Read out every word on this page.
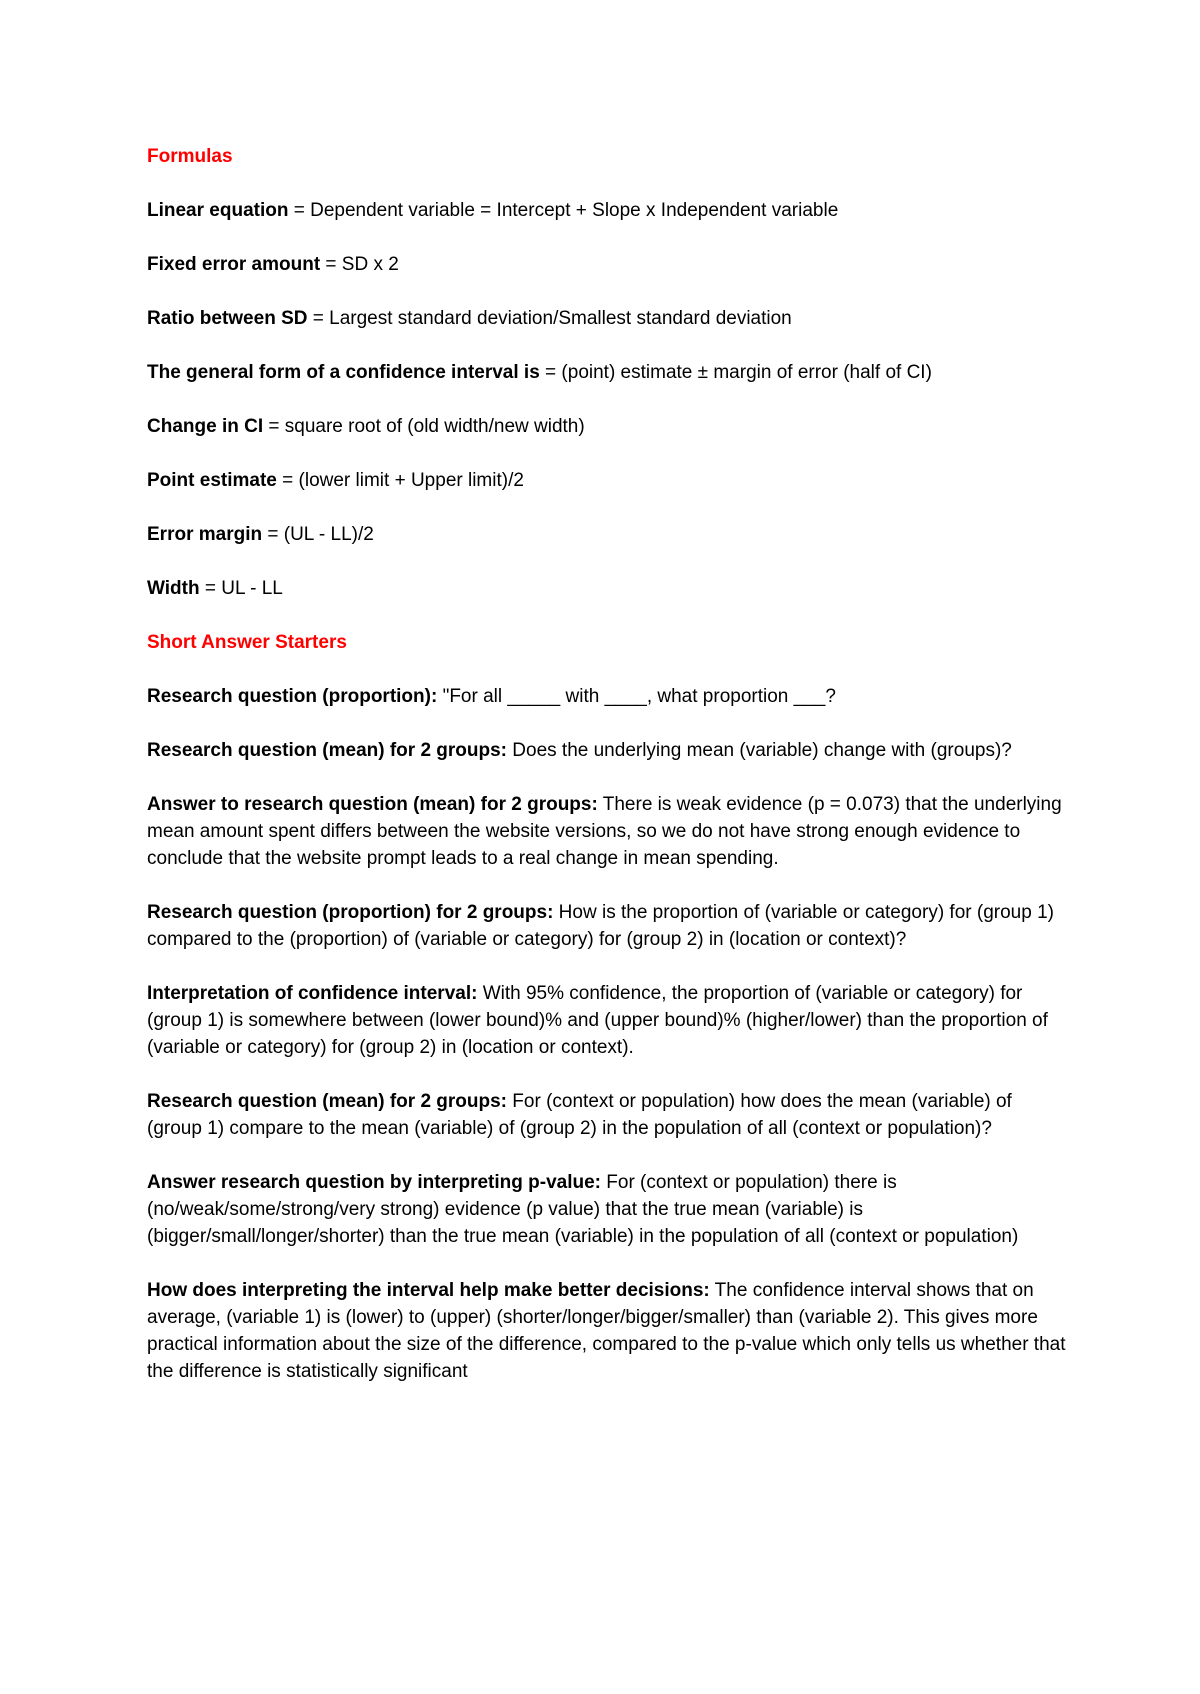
Formulas
Linear equation = Dependent variable = Intercept + Slope x Independent variable
Fixed error amount = SD x 2
Ratio between SD = Largest standard deviation/Smallest standard deviation
The general form of a confidence interval is = (point) estimate ± margin of error (half of CI)
Change in CI = square root of (old width/new width)
Point estimate = (lower limit + Upper limit)/2
Error margin = (UL - LL)/2
Width = UL - LL
Short Answer Starters
Research question (proportion): "For all _____ with ____, what proportion ___?
Research question (mean) for 2 groups: Does the underlying mean (variable) change with (groups)?
Answer to research question (mean) for 2 groups: There is weak evidence (p = 0.073) that the underlying mean amount spent differs between the website versions, so we do not have strong enough evidence to conclude that the website prompt leads to a real change in mean spending.
Research question (proportion) for 2 groups: How is the proportion of (variable or category) for (group 1) compared to the (proportion) of (variable or category) for (group 2) in (location or context)?
Interpretation of confidence interval: With 95% confidence, the proportion of (variable or category) for (group 1) is somewhere between (lower bound)% and (upper bound)% (higher/lower) than the proportion of (variable or category) for (group 2) in (location or context).
Research question (mean) for 2 groups: For (context or population) how does the mean (variable) of (group 1) compare to the mean (variable) of (group 2) in the population of all (context or population)?
Answer research question by interpreting p-value: For (context or population) there is (no/weak/some/strong/very strong) evidence (p value) that the true mean (variable) is (bigger/small/longer/shorter) than the true mean (variable) in the population of all (context or population)
How does interpreting the interval help make better decisions: The confidence interval shows that on average, (variable 1) is (lower) to (upper) (shorter/longer/bigger/smaller) than (variable 2). This gives more practical information about the size of the difference, compared to the p-value which only tells us whether that the difference is statistically significant
